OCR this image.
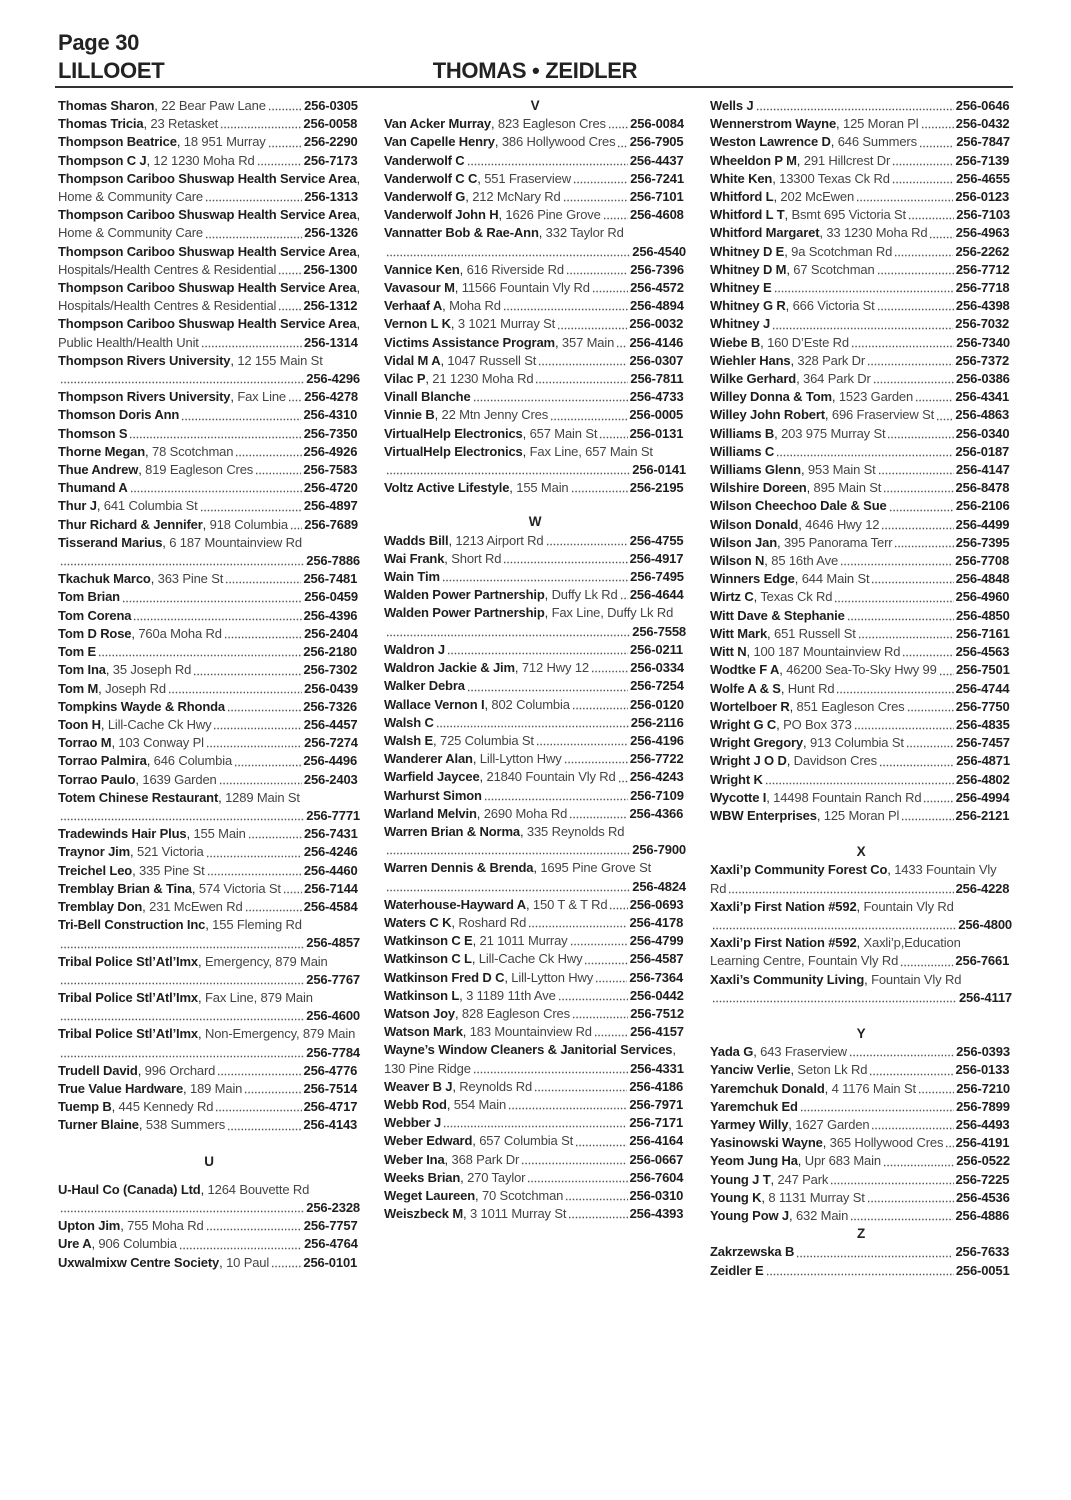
Page 30
LILLOOET	THOMAS • ZEIDLER
Thomas Sharon, 22 Bear Paw Lane	256-0305
Thomas Tricia, 23 Retasket	256-0058
Thompson Beatrice, 18 951 Murray	256-2290
Thompson C J, 12 1230 Moha Rd	256-7173
Thompson Cariboo Shuswap Health Service Area, Home & Community Care	256-1313
Thompson Cariboo Shuswap Health Service Area, Home & Community Care	256-1326
Thompson Cariboo Shuswap Health Service Area, Hospitals/Health Centres & Residential 256-1300
Thompson Cariboo Shuswap Health Service Area, Hospitals/Health Centres & Residential 256-1312
Thompson Cariboo Shuswap Health Service Area, Public Health/Health Unit	256-1314
Thompson Rivers University, 12 155 Main St

256-4296
Thompson Rivers University, Fax Line 256-4278
Thomson Doris Ann	256-4310
Thomson S	256-7350
Thorne Megan, 78 Scotchman	256-4926
Thue Andrew, 819 Eagleson Cres	256-7583
Thumand A	256-4720
Thur J, 641 Columbia St	256-4897
Thur Richard & Jennifer, 918 Columbia 256-7689
Tisserand Marius, 6 187 Mountainview Rd

256-7886
Tkachuk Marco, 363 Pine St	256-7481
Tom Brian	256-0459
Tom Corena	256-4396
Tom D Rose, 760a Moha Rd	256-2404
Tom E	256-2180
Tom Ina, 35 Joseph Rd	256-7302
Tom M, Joseph Rd	256-0439
Tompkins Wayde & Rhonda	256-7326
Toon H, Lill-Cache Ck Hwy	256-4457
Torrao M, 103 Conway Pl	256-7274
Torrao Palmira, 646 Columbia	256-4496
Torrao Paulo, 1639 Garden	256-2403
Totem Chinese Restaurant, 1289 Main St

256-7771
Tradewinds Hair Plus, 155 Main	256-7431
Traynor Jim, 521 Victoria	256-4246
Treichel Leo, 335 Pine St	256-4460
Tremblay Brian & Tina, 574 Victoria St 256-7144
Tremblay Don, 231 McEwen Rd	256-4584
Tri-Bell Construction Inc, 155 Fleming Rd

256-4857
Tribal Police Stl’Atl’Imx, Emergency, 879 Main

256-7767
Tribal Police Stl’Atl’Imx, Fax Line, 879 Main

256-4600
Tribal Police Stl’Atl’Imx, Non-Emergency, 879 Main

256-7784
Trudell David, 996 Orchard	256-4776
True Value Hardware, 189 Main	256-7514
Tuemp B, 445 Kennedy Rd	256-4717
Turner Blaine, 538 Summers	256-4143
U
U-Haul Co (Canada) Ltd, 1264 Bouvette Rd

256-2328
Upton Jim, 755 Moha Rd	256-7757
Ure A, 906 Columbia	256-4764
Uxwalmixw Centre Society, 10 Paul	256-0101
V
Van Acker Murray, 823 Eagleson Cres 256-0084
Van Capelle Henry, 386 Hollywood Cres 256-7905
Vanderwolf C	256-4437
Vanderwolf C C, 551 Fraserview	256-7241
Vanderwolf G, 212 McNary Rd	256-7101
Vanderwolf John H, 1626 Pine Grove 256-4608
Vannatter Bob & Rae-Ann, 332 Taylor Rd

256-4540
Vannice Ken, 616 Riverside Rd	256-7396
Vavasour M, 11566 Fountain Vly Rd	256-4572
Verhaaf A, Moha Rd	256-4894
Vernon L K, 3 1021 Murray St	256-0032
Victims Assistance Program, 357 Main 256-4146
Vidal M A, 1047 Russell St	256-0307
Vilac P, 21 1230 Moha Rd	256-7811
Vinall Blanche	256-4733
Vinnie B, 22 Mtn Jenny Cres	256-0005
VirtualHelp Electronics, 657 Main St 256-0131
VirtualHelp Electronics, Fax Line, 657 Main St

256-0141
Voltz Active Lifestyle, 155 Main	256-2195
W
Wadds Bill, 1213 Airport Rd	256-4755
Wai Frank, Short Rd	256-4917
Wain Tim	256-7495
Walden Power Partnership, Duffy Lk Rd 256-4644
Walden Power Partnership, Fax Line, Duffy Lk Rd

256-7558
Waldron J	256-0211
Waldron Jackie & Jim, 712 Hwy 12	256-0334
Walker Debra	256-7254
Wallace Vernon I, 802 Columbia	256-0120
Walsh C	256-2116
Walsh E, 725 Columbia St	256-4196
Wanderer Alan, Lill-Lytton Hwy	256-7722
Warfield Jaycee, 21840 Fountain Vly Rd 256-4243
Warhurst Simon	256-7109
Warland Melvin, 2690 Moha Rd	256-4366
Warren Brian & Norma, 335 Reynolds Rd

256-7900
Warren Dennis & Brenda, 1695 Pine Grove St

256-4824
Waterhouse-Hayward A, 150 T & T Rd 256-0693
Waters C K, Roshard Rd	256-4178
Watkinson C E, 21 1011 Murray	256-4799
Watkinson C L, Lill-Cache Ck Hwy	256-4587
Watkinson Fred D C, Lill-Lytton Hwy	256-7364
Watkinson L, 3 1189 11th Ave	256-0442
Watson Joy, 828 Eagleson Cres	256-7512
Watson Mark, 183 Mountainview Rd	256-4157
Wayne’s Window Cleaners & Janitorial Services, 130 Pine Ridge	256-4331
Weaver B J, Reynolds Rd	256-4186
Webb Rod, 554 Main	256-7971
Webber J	256-7171
Weber Edward, 657 Columbia St	256-4164
Weber Ina, 368 Park Dr	256-0667
Weeks Brian, 270 Taylor	256-7604
Weget Laureen, 70 Scotchman	256-0310
Weiszbeck M, 3 1011 Murray St	256-4393
Wells J	256-0646
Wennerstrom Wayne, 125 Moran Pl	256-0432
Weston Lawrence D, 646 Summers	256-7847
Wheeldon P M, 291 Hillcrest Dr	256-7139
White Ken, 13300 Texas Ck Rd	256-4655
Whitford L, 202 McEwen	256-0123
Whitford L T, Bsmt 695 Victoria St	256-7103
Whitford Margaret, 33 1230 Moha Rd 256-4963
Whitney D E, 9a Scotchman Rd	256-2262
Whitney D M, 67 Scotchman	256-7712
Whitney E	256-7718
Whitney G R, 666 Victoria St	256-4398
Whitney J	256-7032
Wiebe B, 160 D’Este Rd	256-7340
Wiehler Hans, 328 Park Dr	256-7372
Wilke Gerhard, 364 Park Dr	256-0386
Willey Donna & Tom, 1523 Garden	256-4341
Willey John Robert, 696 Fraserview St 256-4863
Williams B, 203 975 Murray St	256-0340
Williams C	256-0187
Williams Glenn, 953 Main St	256-4147
Wilshire Doreen, 895 Main St	256-8478
Wilson Cheechoo Dale & Sue	256-2106
Wilson Donald, 4646 Hwy 12	256-4499
Wilson Jan, 395 Panorama Terr	256-7395
Wilson N, 85 16th Ave	256-7708
Winners Edge, 644 Main St	256-4848
Wirtz C, Texas Ck Rd	256-4960
Witt Dave & Stephanie	256-4850
Witt Mark, 651 Russell St	256-7161
Witt N, 100 187 Mountainview Rd	256-4563
Wodtke F A, 46200 Sea-To-Sky Hwy 99 256-7501
Wolfe A & S, Hunt Rd	256-4744
Wortelboer R, 851 Eagleson Cres	256-7750
Wright G C, PO Box 373	256-4835
Wright Gregory, 913 Columbia St	256-7457
Wright J O D, Davidson Cres	256-4871
Wright K	256-4802
Wycotte I, 14498 Fountain Ranch Rd	256-4994
WBW Enterprises, 125 Moran Pl	256-2121
X
Xaxli’p Community Forest Co, 1433 Fountain Vly Rd	256-4228
Xaxli’p First Nation #592, Fountain Vly Rd

256-4800
Xaxli’p First Nation #592, Xaxli’p,Education Learning Centre, Fountain Vly Rd	256-7661
Xaxli’s Community Living, Fountain Vly Rd

256-4117
Y
Yada G, 643 Fraserview	256-0393
Yanciw Verlie, Seton Lk Rd	256-0133
Yaremchuk Donald, 4 1176 Main St	256-7210
Yaremchuk Ed	256-7899
Yarmey Willy, 1627 Garden	256-4493
Yasinowski Wayne, 365 Hollywood Cres 256-4191
Yeom Jung Ha, Upr 683 Main	256-0522
Young J T, 247 Park	256-7225
Young K, 8 1131 Murray St	256-4536
Young Pow J, 632 Main	256-4886
Z
Zakrzewska B	256-7633
Zeidler E	256-0051
